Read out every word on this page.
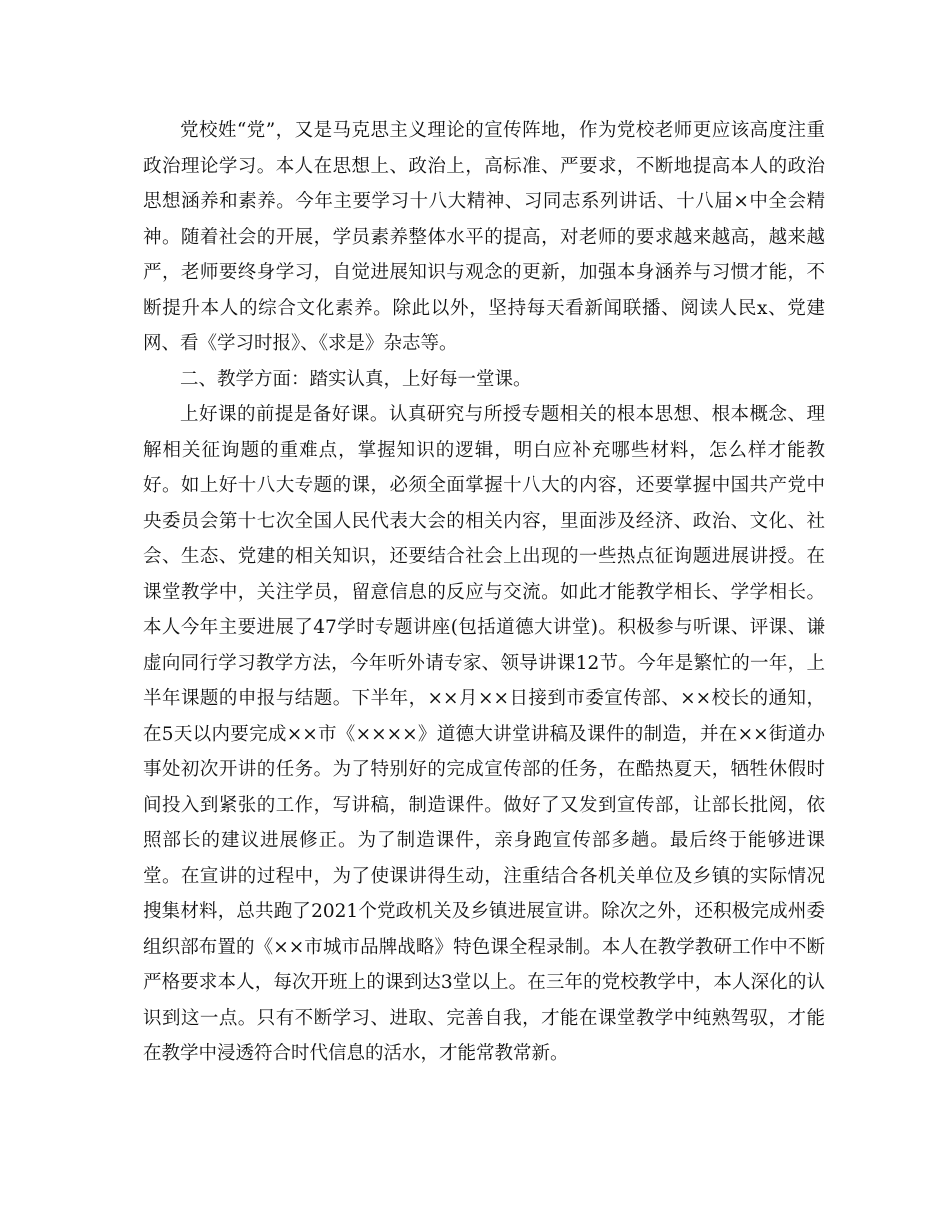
党校姓“党”，又是马克思主义理论的宣传阵地，作为党校老师更应该高度注重政治理论学习。本人在思想上、政治上，高标准、严要求，不断地提高本人的政治思想涵养和素养。今年主要学习十八大精神、习同志系列讲话、十八届×中全会精神。随着社会的开展，学员素养整体水平的提高，对老师的要求越来越高，越来越严，老师要终身学习，自觉进展知识与观念的更新，加强本身涵养与习惯才能，不断提升本人的综合文化素养。除此以外，坚持每天看新闻联播、阅读人民x、党建网、看《学习时报》、《求是》杂志等。

二、教学方面：踏实认真，上好每一堂课。

上好课的前提是备好课。认真研究与所授专题相关的根本思想、根本概念、理解相关征询题的重难点，掌握知识的逻辑，明白应补充哪些材料，怎么样才能教好。如上好十八大专题的课，必须全面掌握十八大的内容，还要掌握中国共产党中央委员会第十七次全国人民代表大会的相关内容，里面涉及经济、政治、文化、社会、生态、党建的相关知识，还要结合社会上出现的一些热点征询题进展讲授。在课堂教学中，关注学员，留意信息的反应与交流。如此才能教学相长、学学相长。本人今年主要进展了47学时专题讲座(包括道德大讲堂)。积极参与听课、评课、谦虚向同行学习教学方法，今年听外请专家、领导讲课12节。今年是繁忙的一年，上半年课题的申报与结题。下半年，××月××日接到市委宣传部、××校长的通知，在5天以内要完成××市《××××》道德大讲堂讲稿及课件的制造，并在××街道办事处初次开讲的任务。为了特别好的完成宣传部的任务，在酷热夏天，牺牲休假时间投入到紧张的工作，写讲稿，制造课件。做好了又发到宣传部，让部长批阅，依照部长的建议进展修正。为了制造课件，亲身跑宣传部多趟。最后终于能够进课堂。在宣讲的过程中，为了使课讲得生动，注重结合各机关单位及乡镇的实际情况搜集材料，总共跑了2021个党政机关及乡镇进展宣讲。除次之外，还积极完成州委组织部布置的《××市城市品牌战略》特色课全程录制。本人在教学教研工作中不断严格要求本人，每次开班上的课到达3堂以上。在三年的党校教学中，本人深化的认识到这一点。只有不断学习、进取、完善自我，才能在课堂教学中纯熟驾驭，才能在教学中浸透符合时代信息的活水，才能常教常新。
